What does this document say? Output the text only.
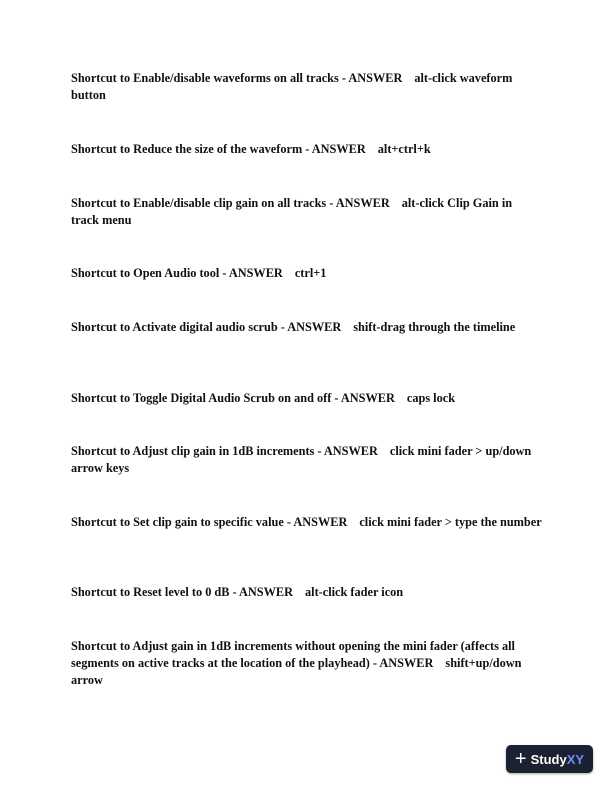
Shortcut to Enable/disable waveforms on all tracks - ANSWER alt-click waveform button

Shortcut to Reduce the size of the waveform - ANSWER alt+ctrl+k

Shortcut to Enable/disable clip gain on all tracks - ANSWER alt-click Clip Gain in track menu

Shortcut to Open Audio tool - ANSWER ctrl+1

Shortcut to Activate digital audio scrub - ANSWER shift-drag through the timeline

Shortcut to Toggle Digital Audio Scrub on and off - ANSWER caps lock

Shortcut to Adjust clip gain in 1dB increments - ANSWER click mini fader > up/down arrow keys

Shortcut to Set clip gain to specific value - ANSWER click mini fader > type the number

Shortcut to Reset level to 0 dB - ANSWER alt-click fader icon

Shortcut to Adjust gain in 1dB increments without opening the mini fader (affects all segments on active tracks at the location of the playhead) - ANSWER shift+up/down arrow

+ Study XY
